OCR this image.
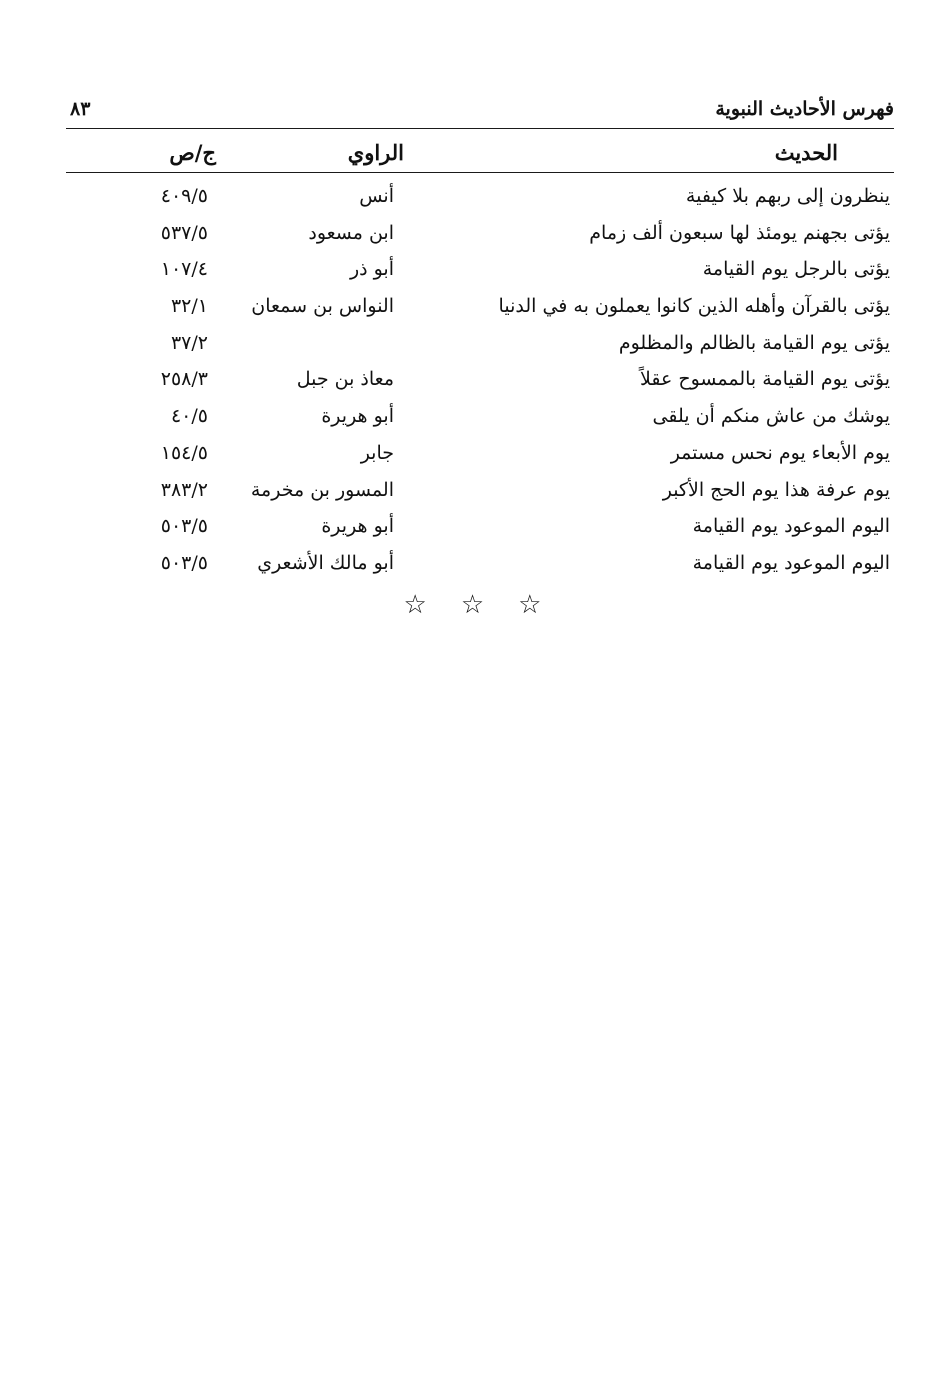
فهرس الأحاديث النبوية
٨٣
الحديث
الراوي
ج/ص
ينظرون إلى ربهم بلا كيفية
أنس
٤٠٩/٥
يؤتى بجهنم يومئذ لها سبعون ألف زمام
ابن مسعود
٥٣٧/٥
يؤتى بالرجل يوم القيامة
أبو ذر
١٠٧/٤
يؤتى بالقرآن وأهله الذين كانوا يعملون به في الدنيا
النواس بن سمعان
٣٢/١
يؤتى يوم القيامة بالظالم والمظلوم
٣٧/٢
يؤتى يوم القيامة بالممسوح عقلاً
معاذ بن جبل
٢٥٨/٣
يوشك من عاش منكم أن يلقى
أبو هريرة
٤٠/٥
يوم الأبعاء يوم نحس مستمر
جابر
١٥٤/٥
يوم عرفة هذا يوم الحج الأكبر
المسور بن مخرمة
٣٨٣/٢
اليوم الموعود يوم القيامة
أبو هريرة
٥٠٣/٥
اليوم الموعود يوم القيامة
أبو مالك الأشعري
٥٠٣/٥
☆☆☆
